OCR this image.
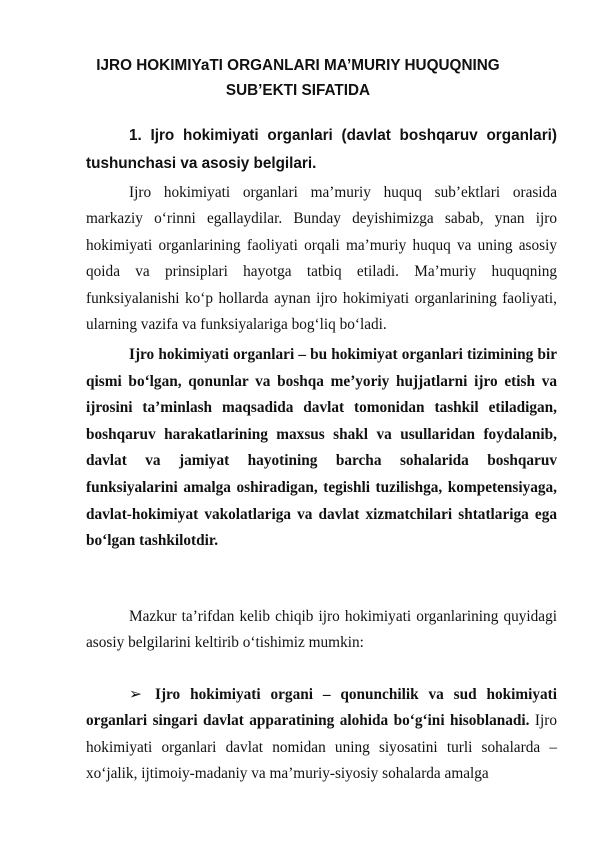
IJRO HOKIMIYaTI ORGANLARI MA’MURIY HUQUQNING
SUB’EKTI SIFATIDA
1. Ijro hokimiyati organlari (davlat boshqaruv organlari) tushunchasi va asosiy belgilari.
Ijro hokimiyati organlari ma’muriy huquq sub’ektlari orasida markaziy o‘rinni egallaydilar. Bunday deyishimizga sabab, ynan ijro hokimiyati organlarining faoliyati orqali ma’muriy huquq va uning asosiy qoida va prinsiplari hayotga tatbiq etiladi. Ma’muriy huquqning funksiyalanishi ko‘p hollarda aynan ijro hokimiyati organlarining faoliyati, ularning vazifa va funksiyalariga bog‘liq bo‘ladi.
Ijro hokimiyati organlari – bu hokimiyat organlari tizimining bir qismi bo‘lgan, qonunlar va boshqa me’yoriy hujjatlarni ijro etish va ijrosini ta’minlash maqsadida davlat tomonidan tashkil etiladigan, boshqaruv harakatlarining maxsus shakl va usullaridan foydalanib, davlat va jamiyat hayotining barcha sohalarida boshqaruv funksiyalarini amalga oshiradigan, tegishli tuzilishga, kompetensiyaga, davlat-hokimiyat vakolatlariga va davlat xizmatchilari shtatlariga ega bo‘lgan tashkilotdir.
Mazkur ta’rifdan kelib chiqib ijro hokimiyati organlarining quyidagi asosiy belgilarini keltirib o‘tishimiz mumkin:
➢ Ijro hokimiyati organi – qonunchilik va sud hokimiyati organlari singari davlat apparatining alohida bo‘g‘ini hisoblanadi. Ijro hokimiyati organlari davlat nomidan uning siyosatini turli sohalarda – xo‘jalik, ijtimoiy-madaniy va ma’muriy-siyosiy sohalarda amalga
